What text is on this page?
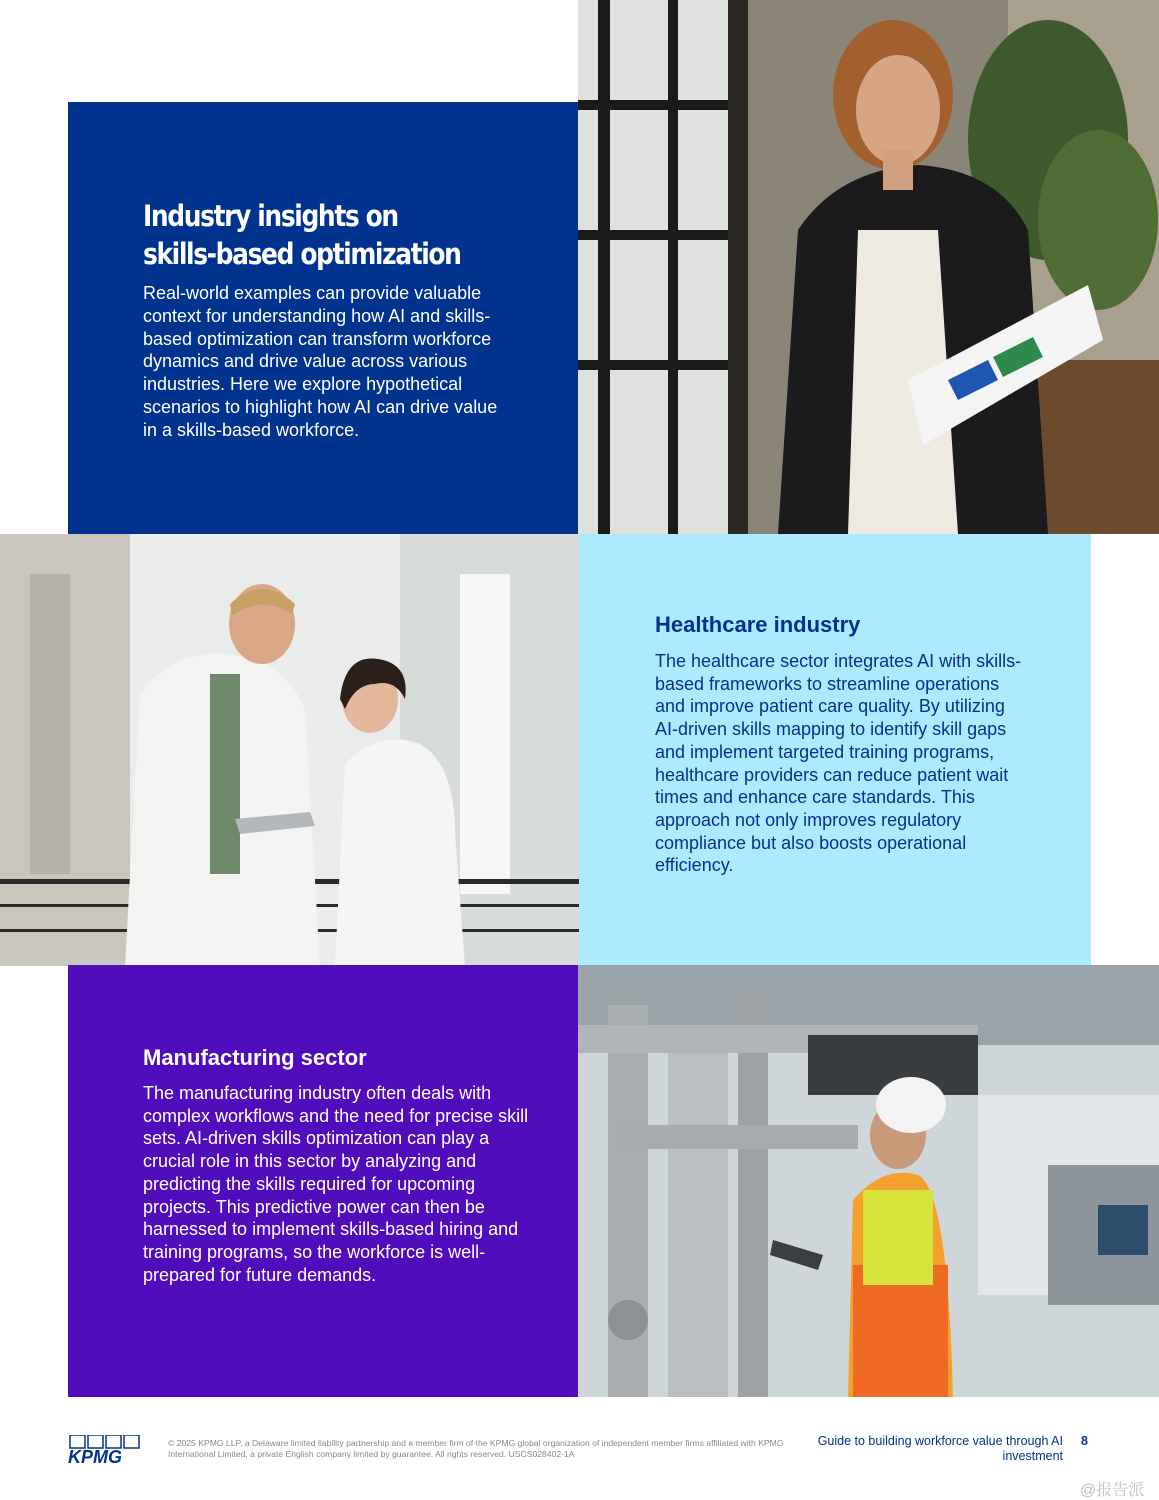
Industry insights on
skills-based optimization

Real-world examples can provide valuable context for understanding how AI and skills-based optimization can transform workforce dynamics and drive value across various industries. Here we explore hypothetical scenarios to highlight how AI can drive value in a skills-based workforce.

Healthcare industry

The healthcare sector integrates AI with skills-based frameworks to streamline operations and improve patient care quality. By utilizing AI-driven skills mapping to identify skill gaps and implement targeted training programs, healthcare providers can reduce patient wait times and enhance care standards. This approach not only improves regulatory compliance but also boosts operational efficiency.

Manufacturing sector

The manufacturing industry often deals with complex workflows and the need for precise skill sets. AI-driven skills optimization can play a crucial role in this sector by analyzing and predicting the skills required for upcoming projects. This predictive power can then be harnessed to implement skills-based hiring and training programs, so the workforce is well-prepared for future demands.

KPMG

© 2025 KPMG LLP, a Delaware limited liability partnership and a member firm of the KPMG global organization of independent member firms affiliated with KPMG International Limited, a private English company limited by guarantee. All rights reserved. USCS028402-1A

Guide to building workforce value through AI investment
8
@报告派
